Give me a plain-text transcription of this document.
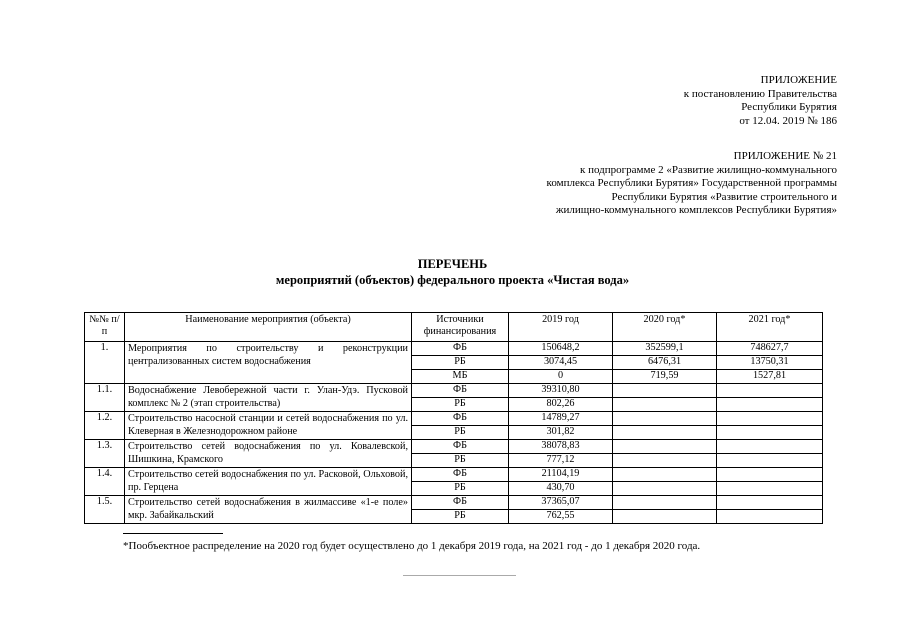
ПРИЛОЖЕНИЕ
к постановлению Правительства
Республики Бурятия
от 12.04. 2019 № 186
ПРИЛОЖЕНИЕ № 21
к подпрограмме 2 «Развитие жилищно-коммунального
комплекса Республики Бурятия» Государственной программы
Республики Бурятия «Развитие строительного и
жилищно-коммунального комплексов Республики Бурятия»
ПЕРЕЧЕНЬ
мероприятий (объектов) федерального проекта «Чистая вода»
№№ п/п	Наименование мероприятия (объекта)	Источники финансирования	2019 год	2020 год*	2021 год*
1.	Мероприятия по строительству и реконструкции централизованных систем водоснабжения	ФБ	150648,2	352599,1	748627,7
		РБ	3074,45	6476,31	13750,31
		МБ	0	719,59	1527,81
1.1.	Водоснабжение Левобережной части г. Улан-Удэ. Пусковой комплекс № 2 (этап строительства)	ФБ	39310,80		
		РБ	802,26		
1.2.	Строительство насосной станции и сетей водоснабжения по ул. Клеверная в Железнодорожном районе	ФБ	14789,27		
		РБ	301,82		
1.3.	Строительство сетей водоснабжения по ул. Ковалевской, Шишкина, Крамского	ФБ	38078,83		
		РБ	777,12		
1.4.	Строительство сетей водоснабжения по ул. Расковой, Ольховой, пр. Герцена	ФБ	21104,19		
		РБ	430,70		
1.5.	Строительство сетей водоснабжения в жилмассиве «1-е поле» мкр. Забайкальский	ФБ	37365,07		
		РБ	762,55		
*Пообъектное распределение на 2020 год будет осуществлено до 1 декабря 2019 года, на 2021 год - до 1 декабря 2020 года.
